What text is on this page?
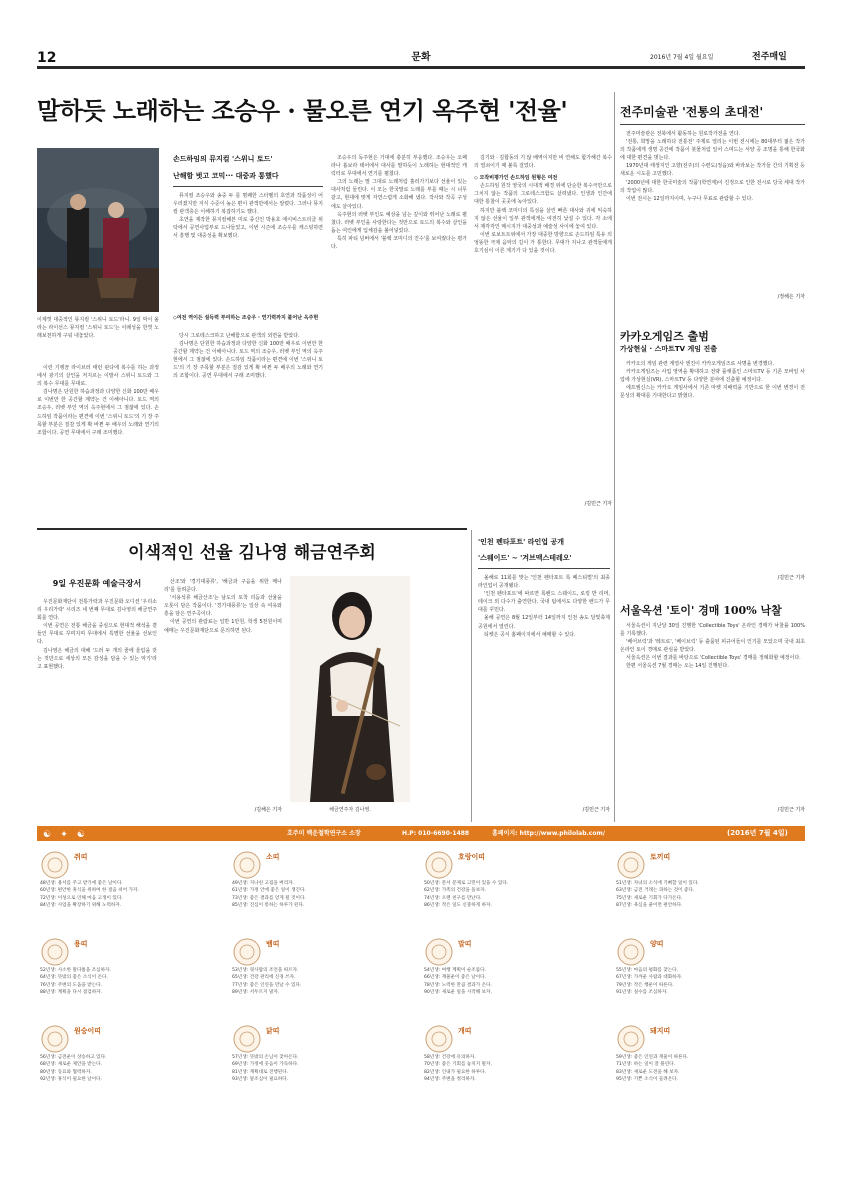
12	문화	2016년 7월 4일 월요일	전주매일
말하듯 노래하는 조승우 · 물오른 연기 옥주현 '전율'
이제껏 대중적인 뮤지컬 '스위니 토드'라니. 9일 막이 올라는 라이선스 뮤지컬 '스위니 토드'는 이례성을 한껏 노래보천하게 구워 내놓았다.
손드하임의 뮤지컬 '스위니 토드'
난해함 벗고 코믹··· 대중과 통했다

이런 기랭끔 라이브러 태런 판다에 복수를 하는 과정에서 광기의 살인을 저지르는 이발사 스위니 토드와 그의 복수 무대를 무대로.

김나명은 단원한 하습과정과 다양한 신화 100만 배우로 이번만 한 공간할 계약는 건 이해아니다. 토드 역의 조승우, 러벳 부인 역의 옥주현에서 그 점잖에 있다. 손드하임 작품이라는 편견에 이번 '스위니 토드'의 기 장 주목할 부분은 질감 있게 확 바뀐 두 배우의 노래와 연기의 조합이다. 공연 무대에서 구래 조미했다.

뮤지컬 조승우와 송중 두 를 명쾌한 스타벨의 호연과 작품성이 어우러졌지만 지식 수준이 높은 편이 관객만에서는 알렸다. 그러나 뮤지컬 관객층은 이해하기 복잡하기도 했다.

초연을 제작한 뮤지컬해븐 미로 종신인 박용호 에이비스트리클 위탁에서 공연사업부로 드나들었고, 이번 시즌에 조승우를 캐스팅하면서 흥행 및 대중성을 확보했다.

◇여전 역이든 설득력 부여하는 조승우 · 연기력까지 불어난 옥주현

당시 그로테스크하고 난해함으로 관객의 외면을 받았다.

김나명은 단원한 하습과정과 다양한 신화 100만 배우로 이번만 한 공간할 계약는 건 이해아니다. 토드 역의 조승우, 러벳 부인 역의 옥주현에서 그 점잖에 있다. 손드하임 작품이라는 편견에 이번 '스위니 토드'의 기 장 주목할 부분은 질감 있게 확 바뀐 두 배우의 노래와 연기의 조합이다. 공연 무대에서 구래 조미했다.

조승우의 독주현은 기대에 충분히 부응했다. 조승우는 오페라나 흉보라 테어에서 대사를 말하듯이 노래하는 현대적인 캐릭터로 무대에서 연기를 펼쳤다.

그의 노래는 말 그대로 노래처럼 흘러가기보다 선율이 있는 대사처럼 들린다. 이 모는 한국말로 노래를 부를 때는 시 너무 같고, 현대에 맞게 자연스럽게 소화해 냈다. 작사와 작곡 구성에도 살아있다.

옥주현의 러벳 부인도 예상을 넘는 깊이와 뛰어난 노래로 펼쳤다. 러벳 부인을 사랑한다는 것만으로 토드의 복수와 살인을 돕는 여인에게 입체감을 불어넣었다.

특히 파티 넘버에서 '블랙 코미디의 진수'를 보여줬다는 평가다.

김기와 · 김합동의 기 않 배역이지만 비 연해도 합가해간 복수의 열쇠이기 때 불록 걸었다.

◇ 모작비평가인 손드하임 원형은 여전

손드하임 원작 영국의 시대적 배경 위에 단순한 복수극만으로 그치지 않는 작품의 그로테스크함도 살려냈다. 인생과 인간에 대한 통찰이 곳곳에 녹아있다.

하지만 블랙 코미디의 특성을 살린 빠른 대사와 귀에 익숙하지 않은 선율이 일부 관객에게는 여전히 낯설 수 있다. 각 소에 서 제각각인 메시지가 대중성과 예술성 사이에 놓여 있다.

이번 로보트트위에서 가장 대중한 방향으로 손드하임 특유 의 엉뚱한 극제 음악의 길이 가 통한다. 무대가 지나고 관객들에게 호기심이 이른 계기가 다 있을 것이다.

/김민근 기자
전주미술관 '전통의 초대전'

전주미술관은 전북에서 활동하는 원로작가전을 연다.

'전통, 희망을 노래하다 전통전' 주제로 열리는 이번 전시에는 80대부터 젊은 작가의 작품에게 생명 공간에 작품이 봇물처럼 일어 스며드는 서양 공 조명을 통해 한국화에 대한 편견을 벗는다.

1970년대 태생지인 고향(전주)의 수련도(정읍)와 바라보는 작가들 간의 기획전 등 새로운 시도를 고민했다.

'2000년에 대한 한국미술의 작품'(학연계)이 진정으로 인한 전시로 당국 세대 작가의 작업이 많다.

이번 전시는 12일까지이며, 누구나 무료로 관람할 수 있다.

/정해은 기자
카카오게임즈 출범
가상현실 · 스마트TV 게임 진출

카카오의 게임 관련 계열사 엔진이 카카오게임즈로 사명을 변경했다.

카카오게임즈는 사업 영역을 확대하고 전략 플랫폼인 스마트TV 등 기존 모바일 사업에 가상현실(VR), 스마트TV 등 다양한 분야에 진출할 예정이다.

에프엠신스는 카카오 게임사에서 기존 마켓 지배력을 기반으로 한 이번 변경이 전문성의 확대를 기대한다고 밝혔다.

/김민근 기자
서울옥션 '토이' 경매 100% 낙찰

서울옥션이 지난달 30일 진행한 'Collectible Toys' 온라인 경매가 낙찰률 100%를 기록했다.

'베어브릭'과 '레트로', '베이브릭' 등 출품된 피규어들이 인기를 모았으며 국내 최초 온라인 토이 경매로 관심을 받았다.

서울옥션은 이번 결과를 바탕으로 'Collectible Toys' 경매를 정례화할 예정이다.

한편 서울옥션 7월 경매는 오는 14일 진행된다.

/김민근 기자
'인천 펜타포트' 라인업 공개
'스웨이드' ~ '겨브맥스테레오'

올해로 11회를 맞는 '인천 펜타포트 록 페스티벌'의 최종 라인업이 공개됐다.

'인천 펜타포트'에 따르면 록밴드 스웨이드, 로킹 반 리머, 테이크 외 다수가 출연한다. 국내 팀에서도 다양한 밴드가 무대를 꾸민다.

올해 공연은 8월 12일부터 14일까지 인천 송도 달빛축제공원에서 열린다.

티켓은 공식 홈페이지에서 예매할 수 있다.

/김민근 기자
이색적인 선율 김나영 해금연주회
9일 우진문화 예술극장서

우진문화재단이 전통가락과 우진문화 오디션 '우리소리 우리가락' 시리즈 네 번째 무대로 김나영의 해금연주회를 연다.

이번 공연은 전통 해금을 중심으로 현대적 해석을 곁들인 무대로 꾸며지며 무대에서 특별한 선율을 선보인다.

김나영은 해금의 대해 '드러 두 개의 줄에 울림을 갖는 것만으로 세상의 모든 감성을 담을 수 있는 악기'라고 표현했다.

산조'와 '경기대풍류', '해금과 구음을 위한 메나리'를 들려준다.

'서용석류 해금산조'는 남도의 토착 리듬과 선율을 오롯이 담은 작품이다. '경기대풍류'는 일상 속 여유와 흥을 담은 연주곡이다.

이번 공연의 관람료는 일반 1만원, 학생 5천원이며 예매는 우진문화재단으로 문의하면 된다.

/김해은 기자	해금연주자 김나영.
☯ ✦ ☯	호주미 백운철학연구소 소장	H.P: 010-6690-1488	홈페이지: http://www.philolab.com/	(2016년 7월 4일)
쥐띠
48년생: 용서를 주고 받기에 좋은 날이다.
60년생: 편안한 휴식을 위하여 한 걸음 쉬어 가자.
72년생: 이성으로 인해 마음 고생이 있다.
84년생: 사업을 확장하기 위해 노력하자.
소띠
49년생: 지나친 고집을 버리자.
61년생: 가정 안에 좋은 일이 생긴다.
73년생: 좋은 결과를 얻게 될 것이다.
85년생: 진심이 통하는 하루가 된다.
호랑이띠
50년생: 문서 문제로 고민이 있을 수 있다.
62년생: 가족의 건강을 돌보자.
74년생: 오랜 친구를 만난다.
86년생: 작은 일도 신중하게 하자.
토끼띠
51년생: 자녀의 소식에 기뻐할 일이 있다.
63년생: 금전 거래는 피하는 것이 좋다.
75년생: 새로운 기회가 다가온다.
87년생: 욕심을 줄이면 편안하다.
용띠
52년생: 사소한 말다툼을 조심하자.
64년생: 뜻밖의 좋은 소식이 온다.
76년생: 주변의 도움을 받는다.
88년생: 계획을 다시 점검하자.
뱀띠
53년생: 윗사람의 조언을 따르자.
65년생: 건강 관리에 신경 쓰자.
77년생: 좋은 인연을 만날 수 있다.
89년생: 서두르지 말자.
말띠
54년생: 여행 계획이 순조롭다.
66년생: 재물운이 좋은 날이다.
78년생: 노력한 만큼 결과가 온다.
90년생: 새로운 일을 시작해 보자.
양띠
55년생: 마음의 평화를 찾는다.
67년생: 가까운 사람과 대화하자.
79년생: 작은 행운이 따른다.
91년생: 실수를 조심하자.
원숭이띠
56년생: 금전운이 상승하고 있다.
68년생: 새로운 제안을 받는다.
80년생: 동료와 협력하자.
92년생: 휴식이 필요한 날이다.
닭띠
57년생: 뜻밖의 손님이 찾아온다.
69년생: 가정에 웃음이 가득하다.
81년생: 계획대로 진행된다.
93년생: 말조심이 필요하다.
개띠
58년생: 건강에 유의하자.
70년생: 좋은 기회를 놓치지 말자.
82년생: 인내가 필요한 하루다.
94년생: 주변을 정리하자.
돼지띠
59년생: 좋은 인연과 재물이 따른다.
71년생: 하는 일이 잘 풀린다.
83년생: 새로운 도전을 해 보자.
95년생: 기쁜 소식이 들려온다.
